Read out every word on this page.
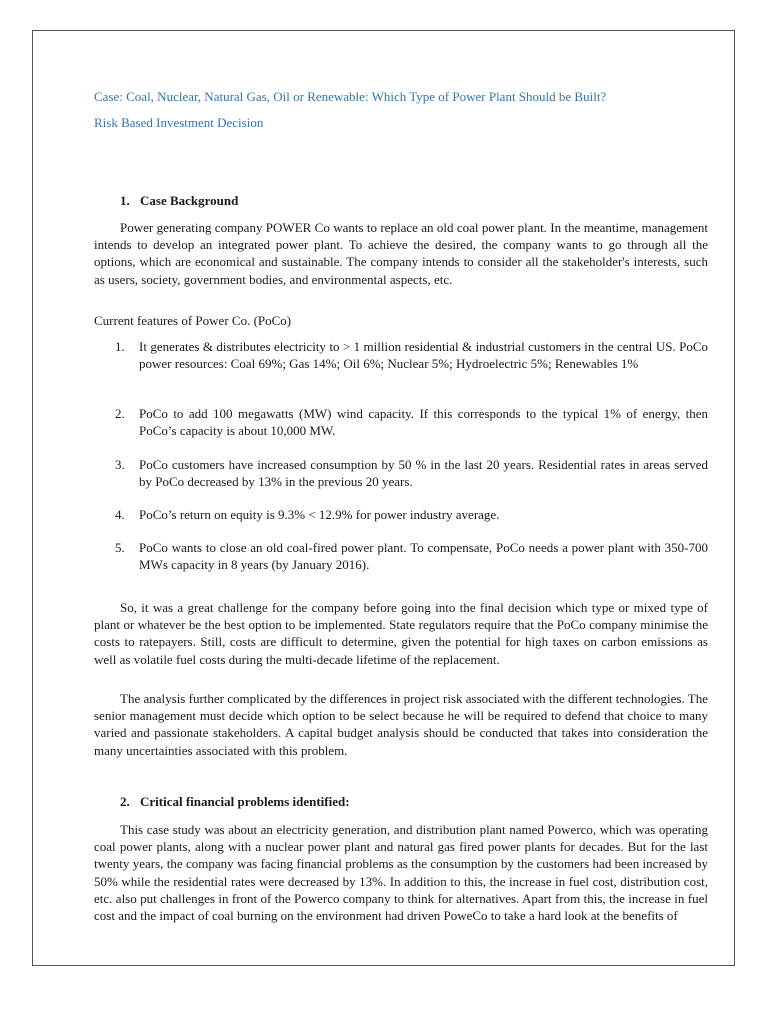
Case: Coal, Nuclear, Natural Gas, Oil or Renewable: Which Type of Power Plant Should be Built?
Risk Based Investment Decision
1. Case Background

Power generating company POWER Co wants to replace an old coal power plant. In the meantime, management intends to develop an integrated power plant. To achieve the desired, the company wants to go through all the options, which are economical and sustainable. The company intends to consider all the stakeholder's interests, such as users, society, government bodies, and environmental aspects, etc.

Current features of Power Co. (PoCo)
1. It generates & distributes electricity to > 1 million residential & industrial customers in the central US. PoCo power resources: Coal 69%; Gas 14%; Oil 6%; Nuclear 5%; Hydroelectric 5%; Renewables 1%
2. PoCo to add 100 megawatts (MW) wind capacity. If this corresponds to the typical 1% of energy, then PoCo’s capacity is about 10,000 MW.
3. PoCo customers have increased consumption by 50 % in the last 20 years. Residential rates in areas served by PoCo decreased by 13% in the previous 20 years.
4. PoCo’s return on equity is 9.3% < 12.9% for power industry average.
5. PoCo wants to close an old coal-fired power plant. To compensate, PoCo needs a power plant with 350-700 MWs capacity in 8 years (by January 2016).

So, it was a great challenge for the company before going into the final decision which type or mixed type of plant or whatever be the best option to be implemented. State regulators require that the PoCo company minimise the costs to ratepayers. Still, costs are difficult to determine, given the potential for high taxes on carbon emissions as well as volatile fuel costs during the multi-decade lifetime of the replacement.

The analysis further complicated by the differences in project risk associated with the different technologies. The senior management must decide which option to be select because he will be required to defend that choice to many varied and passionate stakeholders. A capital budget analysis should be conducted that takes into consideration the many uncertainties associated with this problem.

2. Critical financial problems identified:

This case study was about an electricity generation, and distribution plant named Powerco, which was operating coal power plants, along with a nuclear power plant and natural gas fired power plants for decades. But for the last twenty years, the company was facing financial problems as the consumption by the customers had been increased by 50% while the residential rates were decreased by 13%. In addition to this, the increase in fuel cost, distribution cost, etc. also put challenges in front of the Powerco company to think for alternatives. Apart from this, the increase in fuel cost and the impact of coal burning on the environment had driven PoweCo to take a hard look at the benefits of
